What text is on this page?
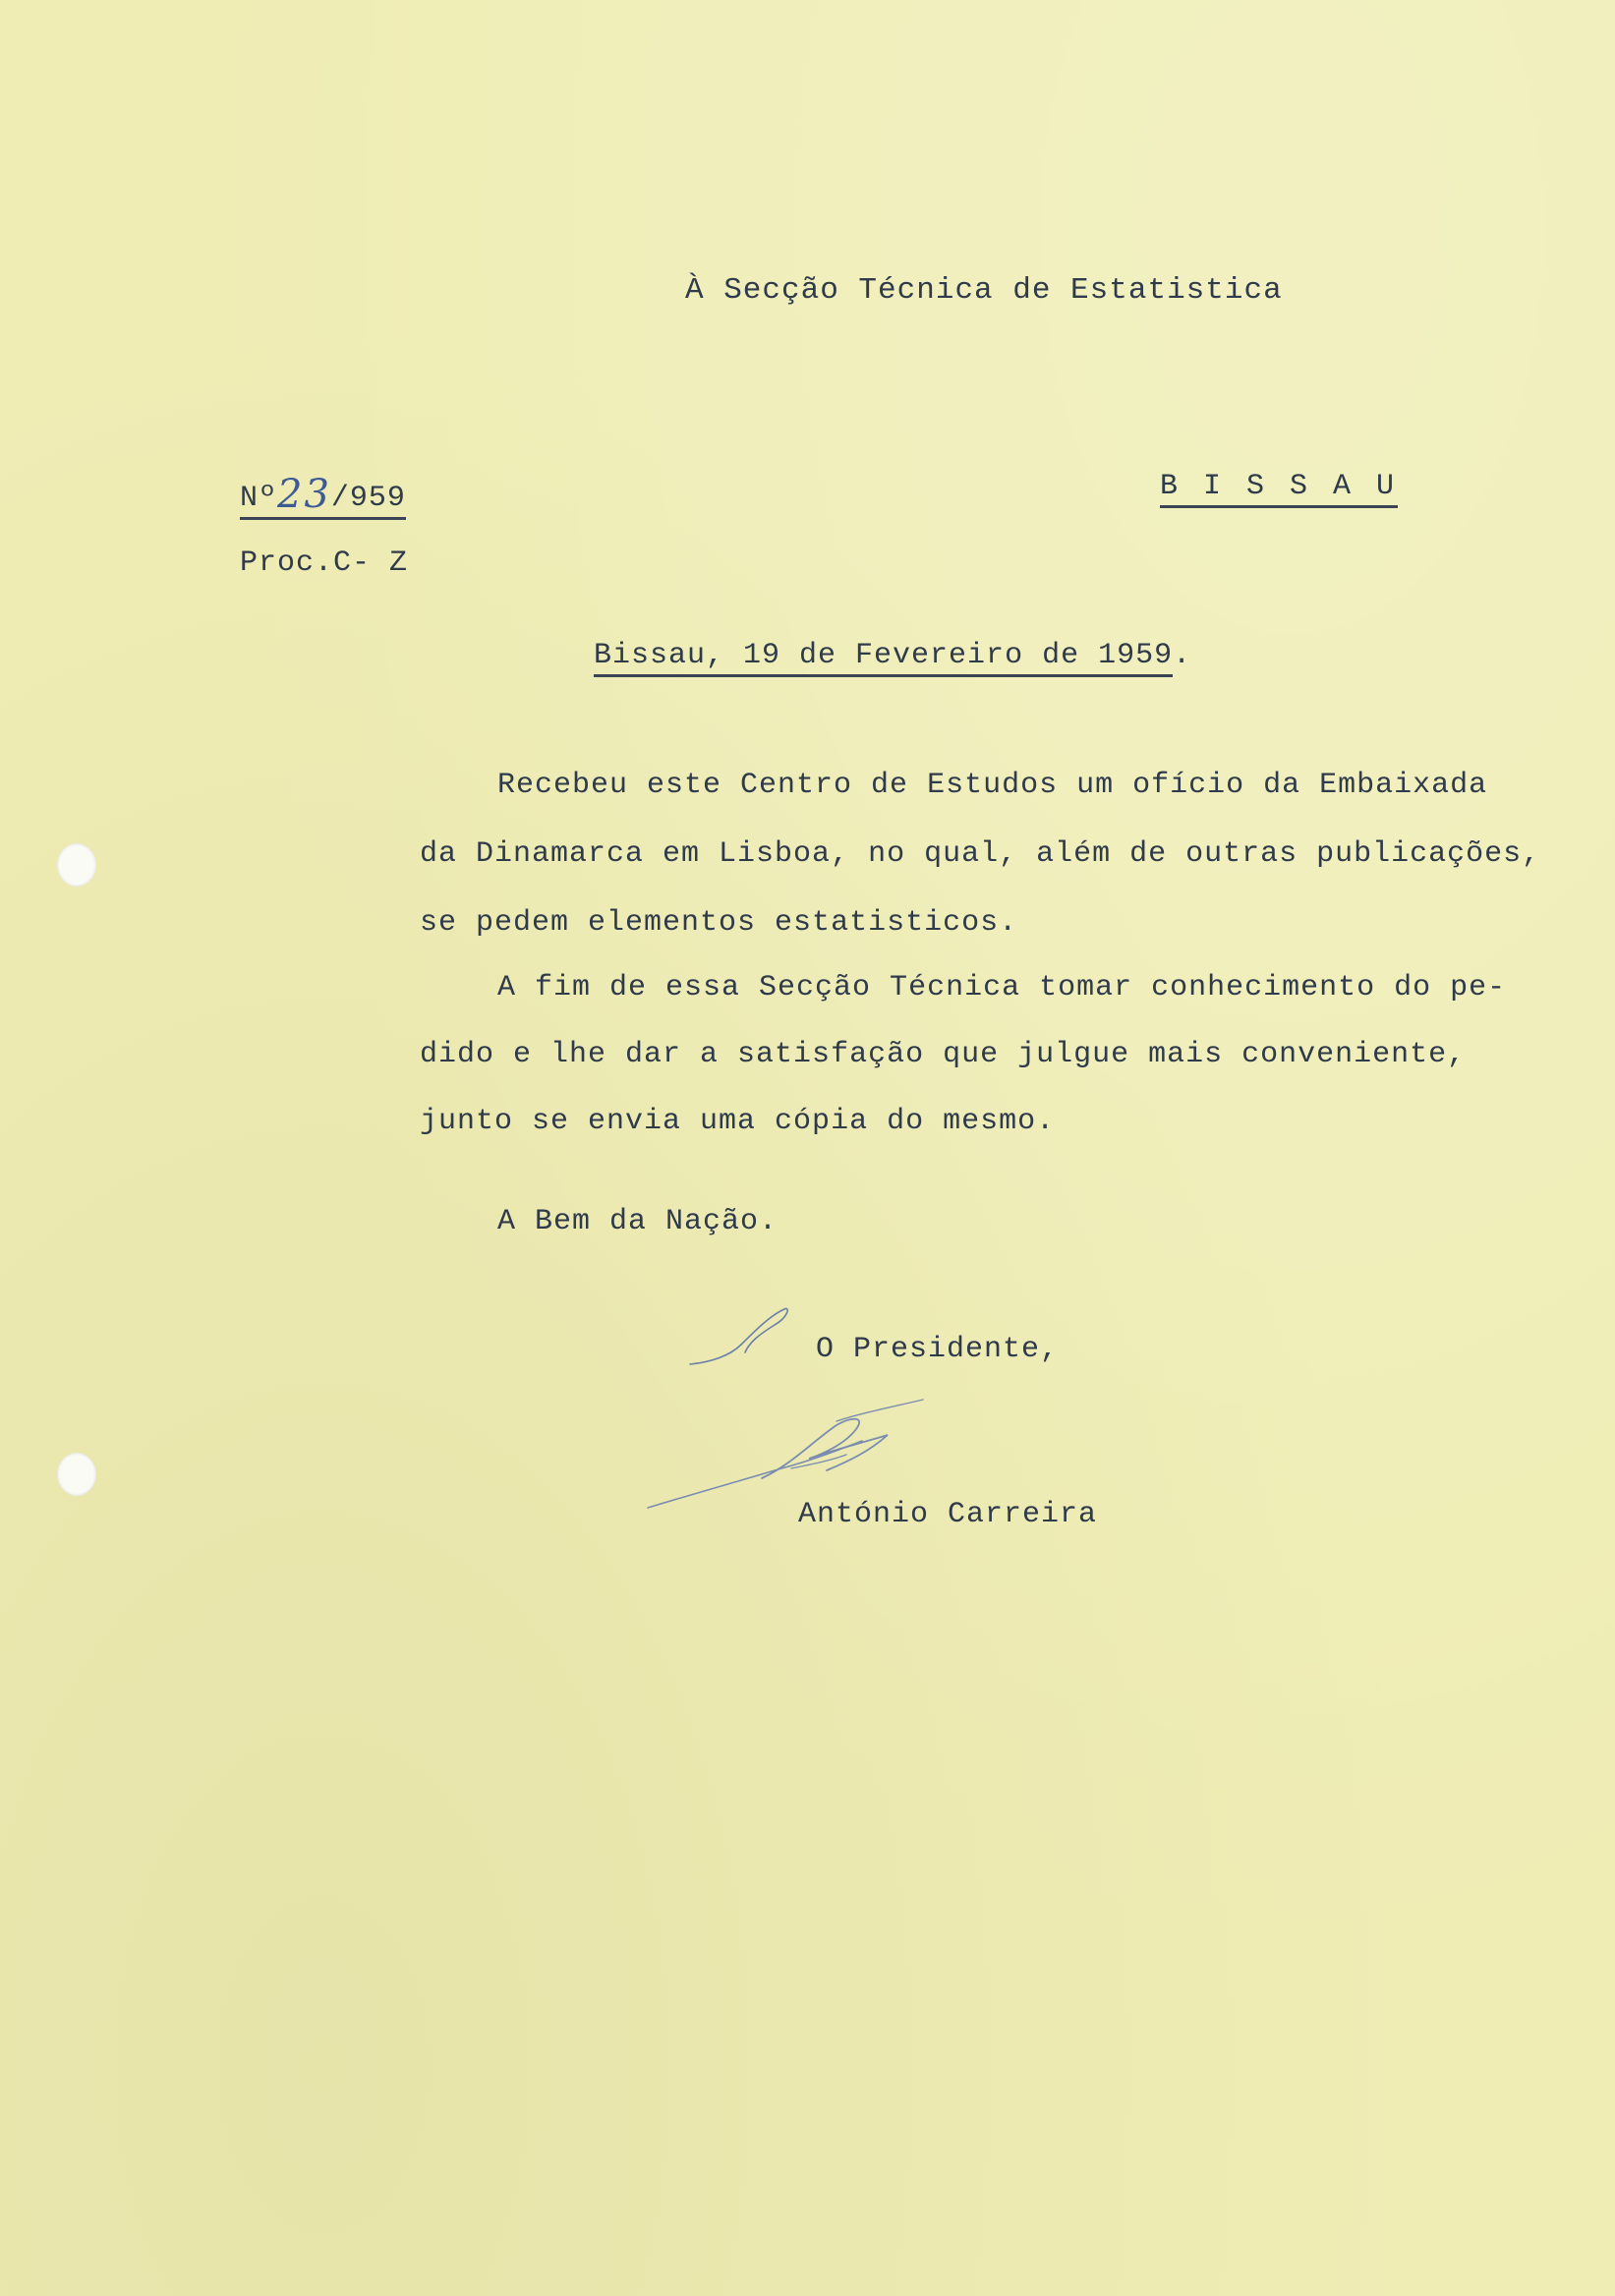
À Secção Técnica de Estatistica
Nº23/959	B I S S A U
Proc.C- Z
Bissau, 19 de Fevereiro de 1959.
Recebeu este Centro de Estudos um ofício da Embaixada
da Dinamarca em Lisboa, no qual, além de outras publicações,
se pedem elementos estatisticos.
A fim de essa Secção Técnica tomar conhecimento do pe-
dido e lhe dar a satisfação que julgue mais conveniente,
junto se envia uma cópia do mesmo.
A Bem da Nação.
O Presidente,
António Carreira
